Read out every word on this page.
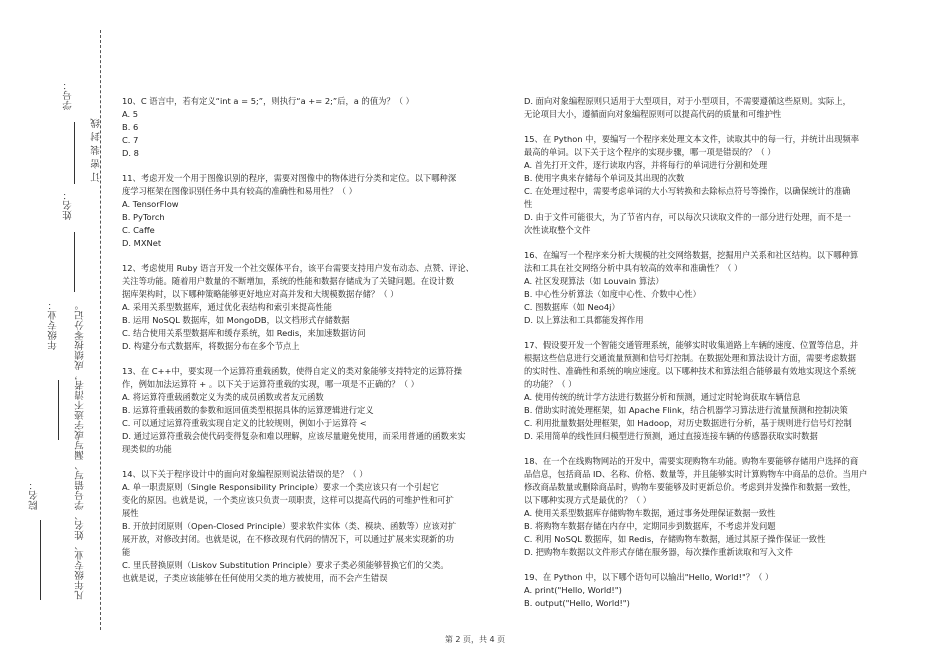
学号：
姓名：
订 密 装 封 线
凡年级专业、姓名、学号错写、漏写或字迹不清者，成绩按零分记。
年级专业：
院名：

10、C 语言中，若有定义“int a = 5;”，则执行“a += 2;”后，a 的值为？（ ）

A. 5

B. 6

C. 7

D. 8

11、考虑开发一个用于图像识别的程序，需要对图像中的物体进行分类和定位。以下哪种深

度学习框架在图像识别任务中具有较高的准确性和易用性？（ ）

A. TensorFlow

B. PyTorch

C. Caffe

D. MXNet

12、考虑使用 Ruby 语言开发一个社交媒体平台，该平台需要支持用户发布动态、点赞、评论、

关注等功能。随着用户数量的不断增加，系统的性能和数据存储成为了关键问题。在设计数

据库架构时，以下哪种策略能够更好地应对高并发和大规模数据存储？（ ）

A. 采用关系型数据库，通过优化表结构和索引来提高性能

B. 运用 NoSQL 数据库，如 MongoDB，以文档形式存储数据

C. 结合使用关系型数据库和缓存系统，如 Redis，来加速数据访问

D. 构建分布式数据库，将数据分布在多个节点上

13、在 C++中，要实现一个运算符重载函数，使得自定义的类对象能够支持特定的运算符操

作，例如加法运算符 + 。以下关于运算符重载的实现，哪一项是不正确的？（ ）

A. 将运算符重载函数定义为类的成员函数或者友元函数

B. 运算符重载函数的参数和返回值类型根据具体的运算逻辑进行定义

C. 可以通过运算符重载实现自定义的比较规则，例如小于运算符 <

D. 通过运算符重载会使代码变得复杂和难以理解，应该尽量避免使用，而采用普通的函数来实

现类似的功能

14、以下关于程序设计中的面向对象编程原则说法错误的是？（ ）

A. 单一职责原则（Single Responsibility Principle）要求一个类应该只有一个引起它

变化的原因。也就是说，一个类应该只负责一项职责，这样可以提高代码的可维护性和可扩

展性

B. 开放封闭原则（Open-Closed Principle）要求软件实体（类、模块、函数等）应该对扩

展开放，对修改封闭。也就是说，在不修改现有代码的情况下，可以通过扩展来实现新的功

能

C. 里氏替换原则（Liskov Substitution Principle）要求子类必须能够替换它们的父类。

也就是说，子类应该能够在任何使用父类的地方被使用，而不会产生错误

D. 面向对象编程原则只适用于大型项目，对于小型项目，不需要遵循这些原则。实际上，

无论项目大小，遵循面向对象编程原则可以提高代码的质量和可维护性

15、在 Python 中，要编写一个程序来处理文本文件，读取其中的每一行，并统计出现频率

最高的单词。以下关于这个程序的实现步骤，哪一项是错误的？（ ）

A. 首先打开文件，逐行读取内容，并将每行的单词进行分割和处理

B. 使用字典来存储每个单词及其出现的次数

C. 在处理过程中，需要考虑单词的大小写转换和去除标点符号等操作，以确保统计的准确

性

D. 由于文件可能很大，为了节省内存，可以每次只读取文件的一部分进行处理，而不是一

次性读取整个文件

16、在编写一个程序来分析大规模的社交网络数据，挖掘用户关系和社区结构。以下哪种算

法和工具在社交网络分析中具有较高的效率和准确性？（ ）

A. 社区发现算法（如 Louvain 算法）

B. 中心性分析算法（如度中心性、介数中心性）

C. 图数据库（如 Neo4j）

D. 以上算法和工具都能发挥作用

17、假设要开发一个智能交通管理系统，能够实时收集道路上车辆的速度、位置等信息，并

根据这些信息进行交通流量预测和信号灯控制。在数据处理和算法设计方面，需要考虑数据

的实时性、准确性和系统的响应速度。以下哪种技术和算法组合能够最有效地实现这个系统

的功能？（ ）

A. 使用传统的统计学方法进行数据分析和预测，通过定时轮询获取车辆信息

B. 借助实时流处理框架，如 Apache Flink，结合机器学习算法进行流量预测和控制决策

C. 利用批量数据处理框架，如 Hadoop，对历史数据进行分析，基于规则进行信号灯控制

D. 采用简单的线性回归模型进行预测，通过直接连接车辆的传感器获取实时数据

18、在一个在线购物网站的开发中，需要实现购物车功能。购物车要能够存储用户选择的商

品信息，包括商品 ID、名称、价格、数量等，并且能够实时计算购物车中商品的总价。当用户

修改商品数量或删除商品时，购物车要能够及时更新总价。考虑到并发操作和数据一致性，

以下哪种实现方式是最优的？（ ）

A. 使用关系型数据库存储购物车数据，通过事务处理保证数据一致性

B. 将购物车数据存储在内存中，定期同步到数据库，不考虑并发问题

C. 利用 NoSQL 数据库，如 Redis，存储购物车数据，通过其原子操作保证一致性

D. 把购物车数据以文件形式存储在服务器，每次操作重新读取和写入文件

19、在 Python 中，以下哪个语句可以输出"Hello, World!"？（ ）

A. print("Hello, World!")

B. output("Hello, World!")

第 2 页，共 4 页
